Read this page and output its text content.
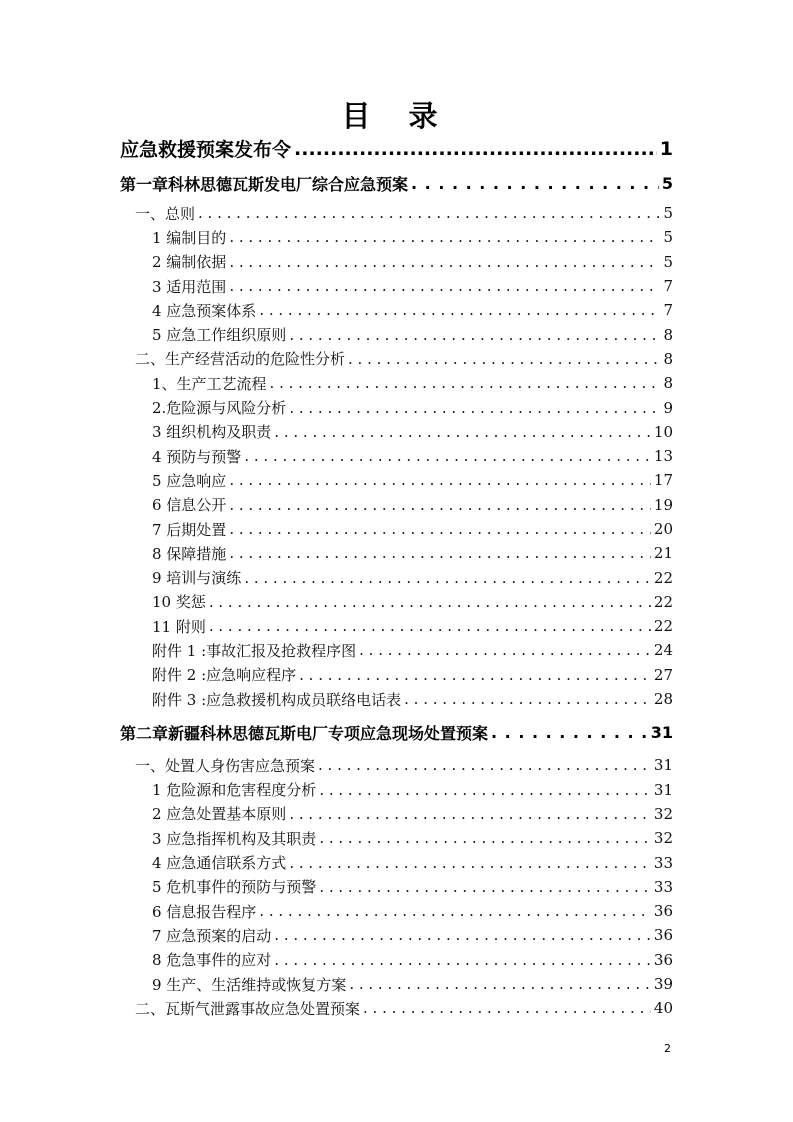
目 录
应急救援预案发布令 .....	1
第一章科林思德瓦斯发电厂综合应急预案 . . .	5
一、总则 . . .	5
1 编制目的 . . .	5
2 编制依据 . . .	5
3 适用范围 . . .	7
4 应急预案体系 . . .	7
5 应急工作组织原则 . . .	8
二、生产经营活动的危险性分析 . . .	8
1、生产工艺流程 . . .	8
2.危险源与风险分析 . . .	9
3 组织机构及职责 . . .	10
4 预防与预警 . . .	13
5 应急响应 . . .	17
6 信息公开 . . .	19
7 后期处置 . . .	20
8 保障措施 . . .	21
9 培训与演练 . . .	22
10 奖惩 . . .	22
11 附则 . . .	22
附件 1 :事故汇报及抢救程序图 . . .	24
附件 2 :应急响应程序 . . .	27
附件 3 :应急救援机构成员联络电话表 . . .	28
第二章新疆科林思德瓦斯电厂专项应急现场处置预案 . . .	31
一、处置人身伤害应急预案 . . .	31
1 危险源和危害程度分析 . . .	31
2 应急处置基本原则 . . .	32
3 应急指挥机构及其职责 . . .	32
4 应急通信联系方式 . . .	33
5 危机事件的预防与预警 . . .	33
6 信息报告程序 . . .	36
7 应急预案的启动 . . .	36
8 危急事件的应对 . . .	36
9 生产、生活维持或恢复方案 . . .	39
二、瓦斯气泄露事故应急处置预案 . . .	40
2
